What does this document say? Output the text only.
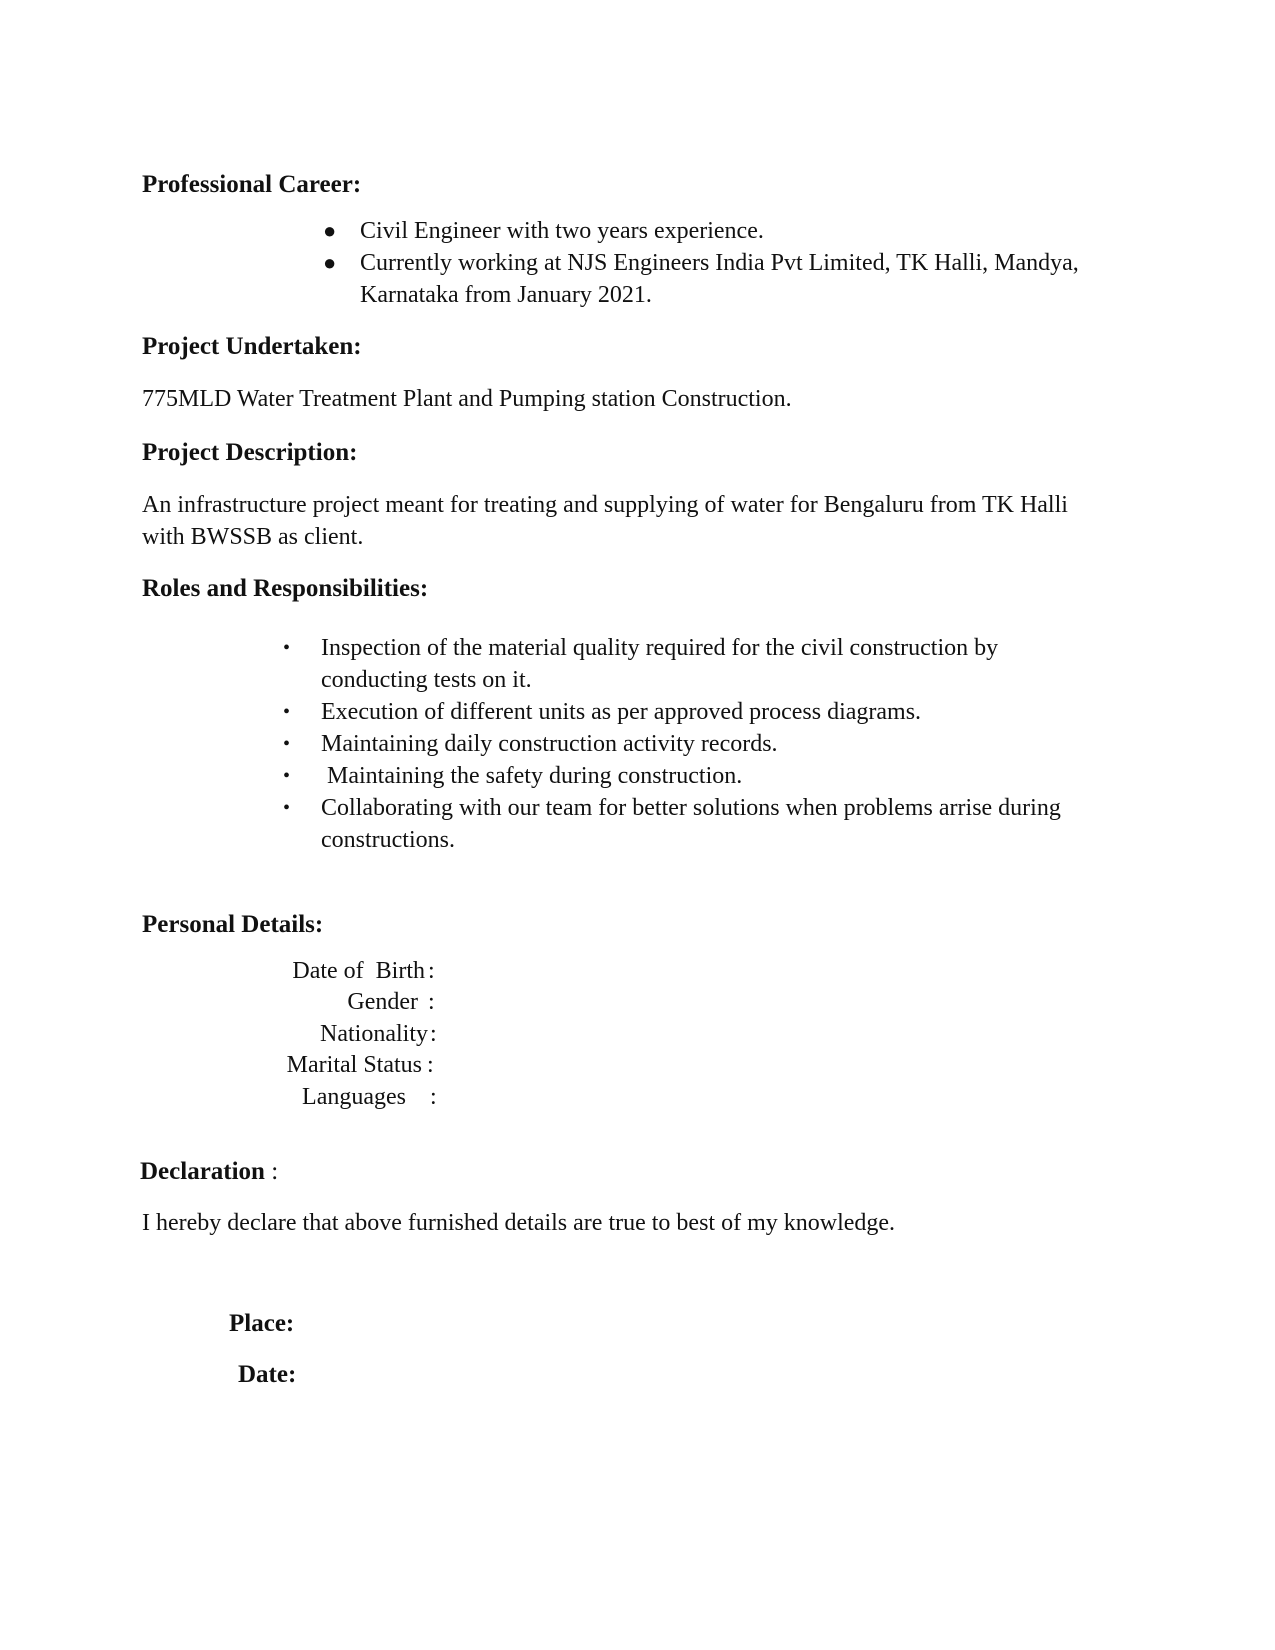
Professional Career:
● Civil Engineer with two years experience.
● Currently working at NJS Engineers India Pvt Limited, TK Halli, Mandya, Karnataka from January 2021.
Project Undertaken:
775MLD Water Treatment Plant and Pumping station Construction.
Project Description:
An infrastructure project meant for treating and supplying of water for Bengaluru from TK Halli with BWSSB as client.
Roles and Responsibilities:
• Inspection of the material quality required for the civil construction by conducting tests on it.
• Execution of different units as per approved process diagrams.
• Maintaining daily construction activity records.
• Maintaining the safety during construction.
• Collaborating with our team for better solutions when problems arrise during constructions.
Personal Details:
Date of  Birth :
Gender :
Nationality :
Marital Status :
Languages :
Declaration :
I hereby declare that above furnished details are true to best of my knowledge.
Place:
Date:
